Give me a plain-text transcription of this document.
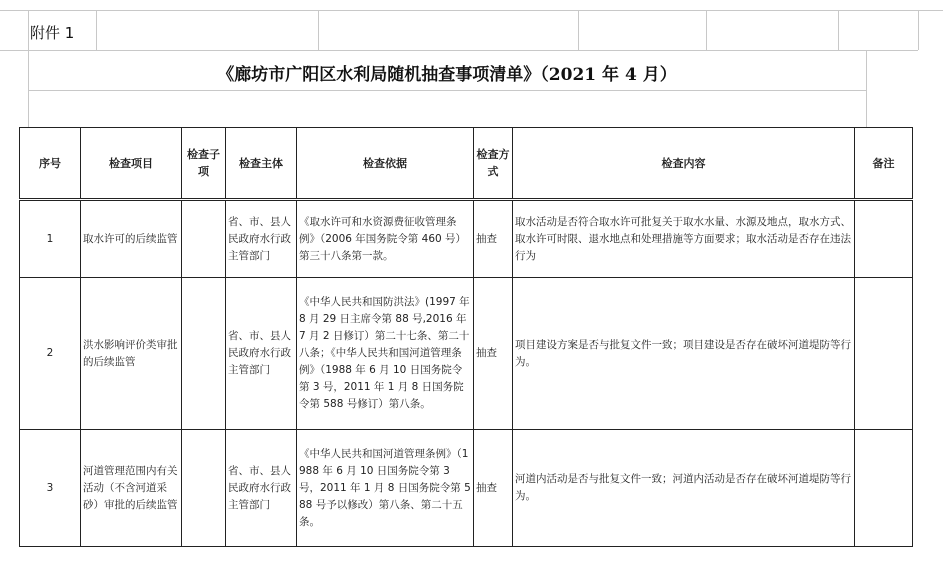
附件 1
《廊坊市广阳区水利局随机抽查事项清单》（2021 年 4 月）
序号	检查项目	检查子项	检查主体	检查依据	检查方式	检查内容	备注
1	取水许可的后续监管		省、市、县人民政府水行政主管部门	《取水许可和水资源费征收管理条例》（2006 年国务院令第 460 号）第三十八条第一款。	抽查	取水活动是否符合取水许可批复关于取水水量、水源及地点，取水方式、取水许可时限、退水地点和处理措施等方面要求；取水活动是否存在违法行为	
2	洪水影响评价类审批的后续监管		省、市、县人民政府水行政主管部门	《中华人民共和国防洪法》(1997 年 8 月 29 日主席令第 88 号,2016 年 7 月 2 日修订）第二十七条、第二十八条；《中华人民共和国河道管理条例》（1988 年 6 月 10 日国务院令第 3 号，2011 年 1 月 8 日国务院令第 588 号修订）第八条。	抽查	项目建设方案是否与批复文件一致；项目建设是否存在破坏河道堤防等行为。	
3	河道管理范围内有关活动（不含河道采砂）审批的后续监管		省、市、县人民政府水行政主管部门	《中华人民共和国河道管理条例》（1988 年 6 月 10 日国务院令第 3 号，2011 年 1 月 8 日国务院令第 588 号予以修改）第八条、第二十五条。	抽查	河道内活动是否与批复文件一致；河道内活动是否存在破坏河道堤防等行为。	
